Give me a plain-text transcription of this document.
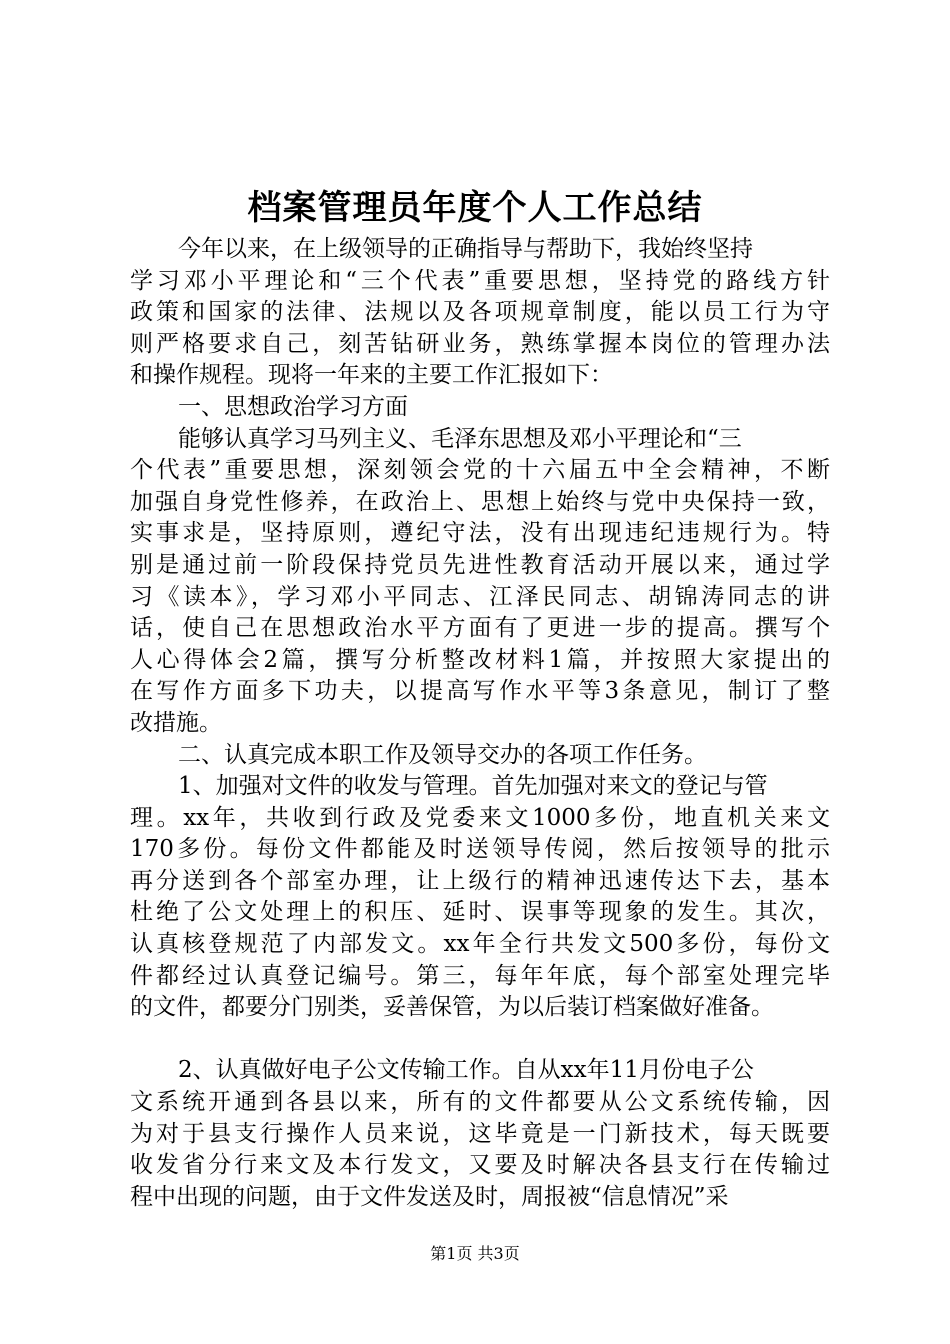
档案管理员年度个人工作总结
今年以来，在上级领导的正确指导与帮助下，我始终坚持
学习邓小平理论和“三个代表”重要思想，坚持党的路线方针
政策和国家的法律、法规以及各项规章制度，能以员工行为守
则严格要求自己，刻苦钻研业务，熟练掌握本岗位的管理办法
和操作规程。现将一年来的主要工作汇报如下：
一、思想政治学习方面
能够认真学习马列主义、毛泽东思想及邓小平理论和“三
个代表”重要思想，深刻领会党的十六届五中全会精神，不断
加强自身党性修养，在政治上、思想上始终与党中央保持一致，
实事求是，坚持原则，遵纪守法，没有出现违纪违规行为。特
别是通过前一阶段保持党员先进性教育活动开展以来，通过学
习《读本》，学习邓小平同志、江泽民同志、胡锦涛同志的讲
话，使自己在思想政治水平方面有了更进一步的提高。撰写个
人心得体会2篇，撰写分析整改材料1篇，并按照大家提出的
在写作方面多下功夫，以提高写作水平等3条意见，制订了整
改措施。
二、认真完成本职工作及领导交办的各项工作任务。
1、加强对文件的收发与管理。首先加强对来文的登记与管
理。xx年，共收到行政及党委来文1000多份，地直机关来文
170多份。每份文件都能及时送领导传阅，然后按领导的批示
再分送到各个部室办理，让上级行的精神迅速传达下去，基本
杜绝了公文处理上的积压、延时、误事等现象的发生。其次，
认真核登规范了内部发文。xx年全行共发文500多份，每份文
件都经过认真登记编号。第三，每年年底，每个部室处理完毕
的文件，都要分门别类，妥善保管，为以后装订档案做好准备。
2、认真做好电子公文传输工作。自从xx年11月份电子公
文系统开通到各县以来，所有的文件都要从公文系统传输，因
为对于县支行操作人员来说，这毕竟是一门新技术，每天既要
收发省分行来文及本行发文，又要及时解决各县支行在传输过
程中出现的问题，由于文件发送及时，周报被“信息情况”采
第1页 共3页
